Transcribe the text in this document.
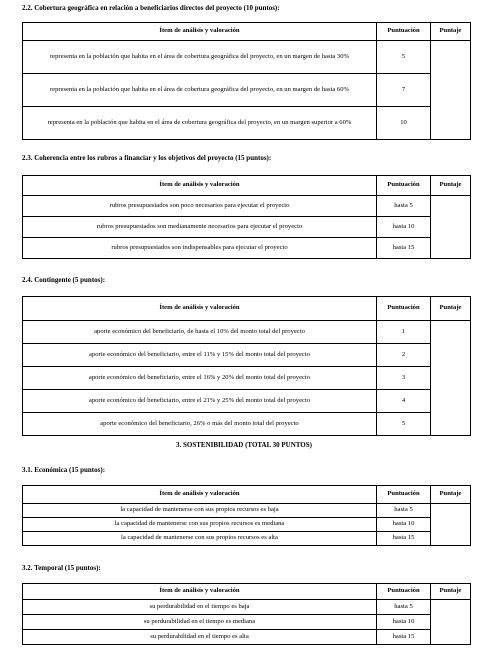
2.2. Cobertura geográfica en relación a beneficiarios directos del proyecto (10 puntos):
Ítem de análisis y valoración	Puntuación	Puntaje
representa en la población que habita en el área de cobertura geográfica del proyecto, en un margen de hasta 30%	5	
representa en la población que habita en el área de cobertura geográfica del proyecto, en un margen de hasta 60%	7	
representa en la población que habita en el área de cobertura geográfica del proyecto, en un margen superior a 60%	10	
2.3. Coherencia entre los rubros a financiar y los objetivos del proyecto (15 puntos):
Ítem de análisis y valoración	Puntuación	Puntaje
rubros presupuestados son poco necesarios para ejecutar el proyecto	hasta 5	
rubros presupuestados son medianamente necesarios para ejecutar el proyecto	hasta 10	
rubros presupuestados son indispensables para ejecutar el proyecto	hasta 15	
2.4. Contingente (5 puntos):
Ítem de análisis y valoración	Puntuación	Puntaje
aporte económico del beneficiario, de hasta el 10% del monto total del proyecto	1	
aporte económico del beneficiario, entre el 11% y 15% del monto total del proyecto	2	
aporte económico del beneficiario, entre el 16% y 20% del monto total del proyecto	3	
aporte económico del beneficiario, entre el 21% y 25% del monto total del proyecto	4	
aporte económico del beneficiario, 26% o más del monto total del proyecto	5	
3. SOSTENIBILIDAD (TOTAL 30 PUNTOS)
3.1. Económica (15 puntos):
Ítem de análisis y valoración	Puntuación	Puntaje
la capacidad de mantenerse con sus propios recursos es baja	hasta 5	
la capacidad de mantenerse con sus propios recursos es mediana	hasta 10	
la capacidad de mantenerse con sus propios recursos es alta	hasta 15	
3.2. Temporal (15 puntos):
Ítem de análisis y valoración	Puntuación	Puntaje
su perdurabilidad en el tiempo es baja	hasta 5	
su perdurabilidad en el tiempo es mediana	hasta 10	
su perdurabilidad en el tiempo es alta	hasta 15	
